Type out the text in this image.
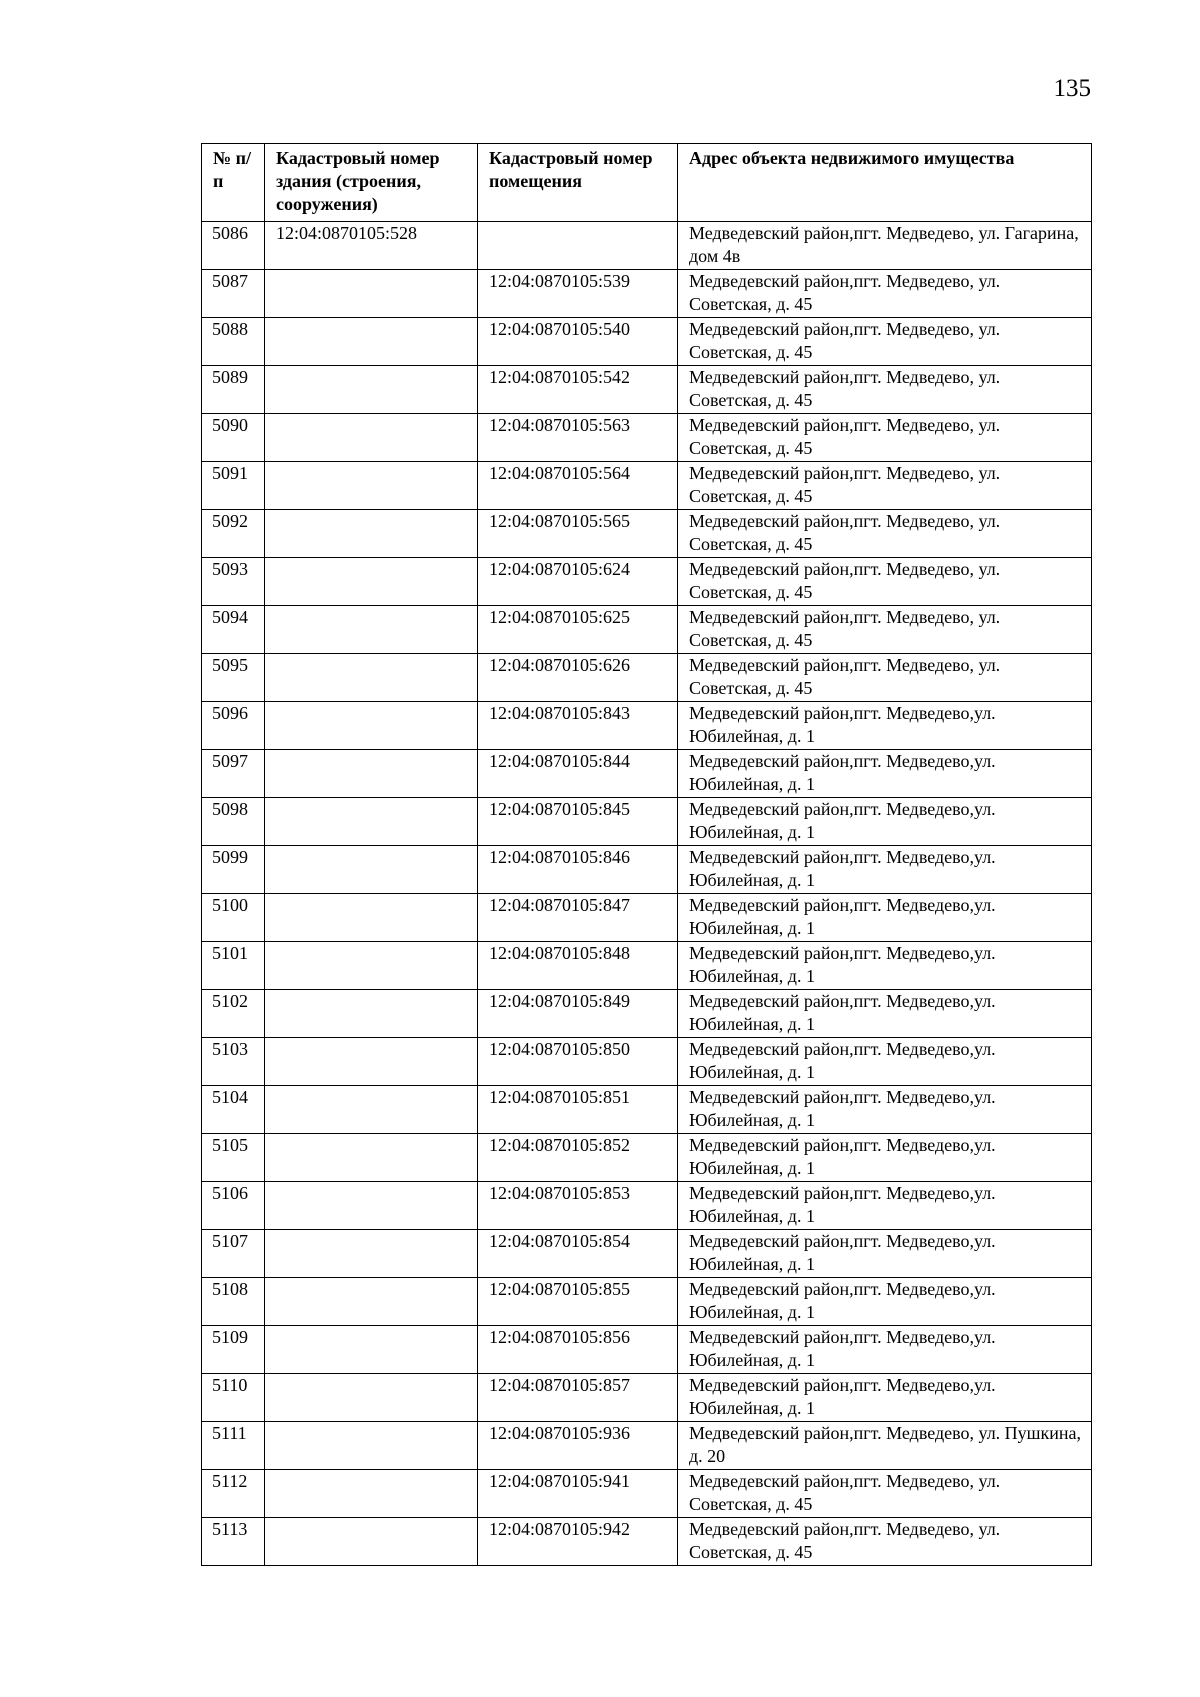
135
№ п/п	Кадастровый номер здания (строения, сооружения)	Кадастровый номер помещения	Адрес объекта недвижимого имущества
5086	12:04:0870105:528		Медведевский район,пгт. Медведево, ул. Гагарина, дом 4в
5087		12:04:0870105:539	Медведевский район,пгт. Медведево, ул. Советская, д. 45
5088		12:04:0870105:540	Медведевский район,пгт. Медведево, ул. Советская, д. 45
5089		12:04:0870105:542	Медведевский район,пгт. Медведево, ул. Советская, д. 45
5090		12:04:0870105:563	Медведевский район,пгт. Медведево, ул. Советская, д. 45
5091		12:04:0870105:564	Медведевский район,пгт. Медведево, ул. Советская, д. 45
5092		12:04:0870105:565	Медведевский район,пгт. Медведево, ул. Советская, д. 45
5093		12:04:0870105:624	Медведевский район,пгт. Медведево, ул. Советская, д. 45
5094		12:04:0870105:625	Медведевский район,пгт. Медведево, ул. Советская, д. 45
5095		12:04:0870105:626	Медведевский район,пгт. Медведево, ул. Советская, д. 45
5096		12:04:0870105:843	Медведевский район,пгт. Медведево,ул. Юбилейная, д. 1
5097		12:04:0870105:844	Медведевский район,пгт. Медведево,ул. Юбилейная, д. 1
5098		12:04:0870105:845	Медведевский район,пгт. Медведево,ул. Юбилейная, д. 1
5099		12:04:0870105:846	Медведевский район,пгт. Медведево,ул. Юбилейная, д. 1
5100		12:04:0870105:847	Медведевский район,пгт. Медведево,ул. Юбилейная, д. 1
5101		12:04:0870105:848	Медведевский район,пгт. Медведево,ул. Юбилейная, д. 1
5102		12:04:0870105:849	Медведевский район,пгт. Медведево,ул. Юбилейная, д. 1
5103		12:04:0870105:850	Медведевский район,пгт. Медведево,ул. Юбилейная, д. 1
5104		12:04:0870105:851	Медведевский район,пгт. Медведево,ул. Юбилейная, д. 1
5105		12:04:0870105:852	Медведевский район,пгт. Медведево,ул. Юбилейная, д. 1
5106		12:04:0870105:853	Медведевский район,пгт. Медведево,ул. Юбилейная, д. 1
5107		12:04:0870105:854	Медведевский район,пгт. Медведево,ул. Юбилейная, д. 1
5108		12:04:0870105:855	Медведевский район,пгт. Медведево,ул. Юбилейная, д. 1
5109		12:04:0870105:856	Медведевский район,пгт. Медведево,ул. Юбилейная, д. 1
5110		12:04:0870105:857	Медведевский район,пгт. Медведево,ул. Юбилейная, д. 1
5111		12:04:0870105:936	Медведевский район,пгт. Медведево, ул. Пушкина, д. 20
5112		12:04:0870105:941	Медведевский район,пгт. Медведево, ул. Советская, д. 45
5113		12:04:0870105:942	Медведевский район,пгт. Медведево, ул. Советская, д. 45
